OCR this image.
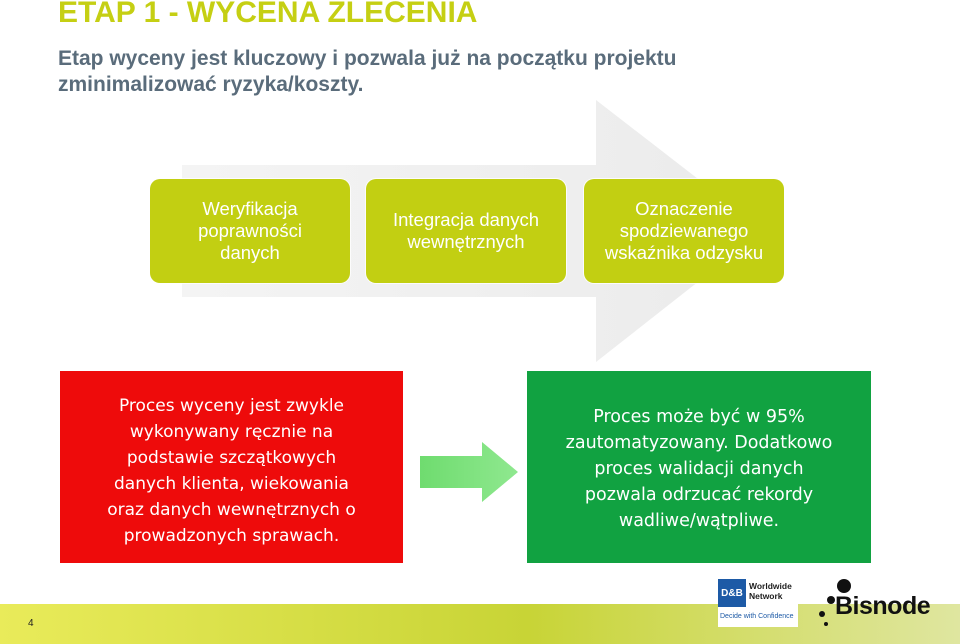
ETAP 1 - WYCENA ZLECENIA
Etap wyceny jest kluczowy i pozwala już na początku projektu zminimalizować ryzyka/koszty.
Weryfikacja
poprawności
danych
Integracja danych
wewnętrznych
Oznaczenie
spodziewanego
wskaźnika odzysku
Proces wyceny jest zwykle
wykonywany ręcznie na
podstawie szczątkowych
danych klienta, wiekowania
oraz danych wewnętrznych o
prowadzonych sprawach.
Proces może być w 95%
zautomatyzowany. Dodatkowo
proces walidacji danych
pozwala odrzucać rekordy
wadliwe/wątpliwe.
4
D&B
Worldwide
Network
Decide with Confidence Bisnode
